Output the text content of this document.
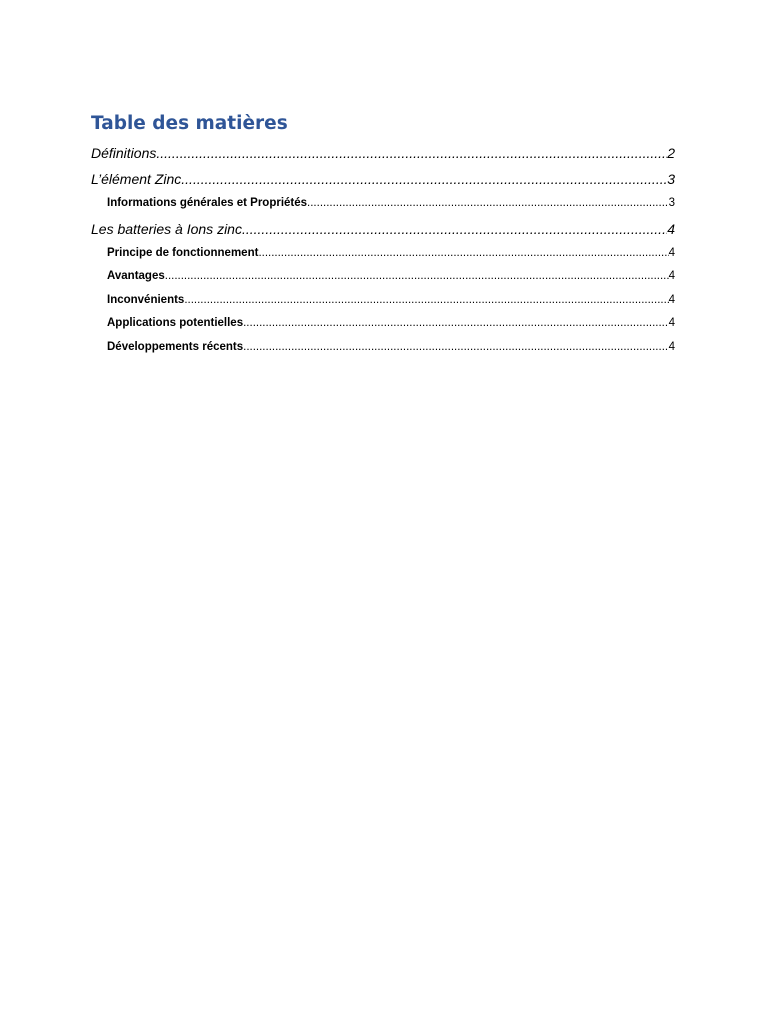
Table des matières
Définitions .....	2
L’élément Zinc .....	3
Informations générales et Propriétés .....	3
Les batteries à Ions zinc .....	4
Principe de fonctionnement .....	4
Avantages .....	4
Inconvénients .....	4
Applications potentielles .....	4
Développements récents .....	4
